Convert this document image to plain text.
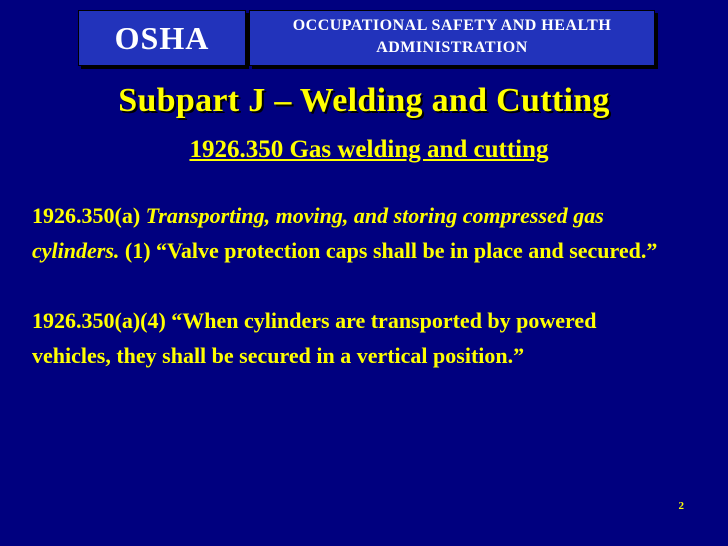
OSHA	OCCUPATIONAL SAFETY AND HEALTH
ADMINISTRATION
Subpart J – Welding and Cutting
1926.350 Gas welding and cutting

1926.350(a) Transporting, moving, and storing compressed gas cylinders. (1) “Valve protection caps shall be in place and secured.”

1926.350(a)(4) “When cylinders are transported by powered vehicles, they shall be secured in a vertical position.”

2
